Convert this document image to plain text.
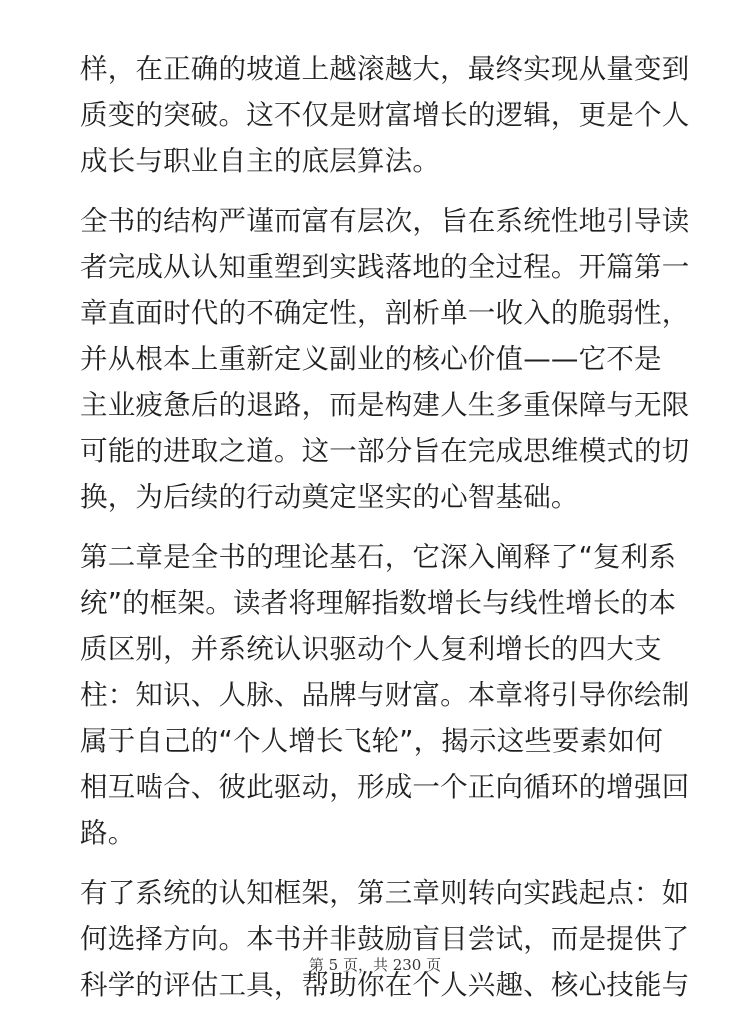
样，在正确的坡道上越滚越大，最终实现从量变到
质变的突破。这不仅是财富增长的逻辑，更是个人
成长与职业自主的底层算法。
全书的结构严谨而富有层次，旨在系统性地引导读
者完成从认知重塑到实践落地的全过程。开篇第一
章直面时代的不确定性，剖析单一收入的脆弱性，
并从根本上重新定义副业的核心价值——它不是
主业疲惫后的退路，而是构建人生多重保障与无限
可能的进取之道。这一部分旨在完成思维模式的切
换，为后续的行动奠定坚实的心智基础。
第二章是全书的理论基石，它深入阐释了“复利系
统”的框架。读者将理解指数增长与线性增长的本
质区别，并系统认识驱动个人复利增长的四大支
柱：知识、人脉、品牌与财富。本章将引导你绘制
属于自己的“个人增长飞轮”，揭示这些要素如何
相互啮合、彼此驱动，形成一个正向循环的增强回
路。
有了系统的认知框架，第三章则转向实践起点：如
何选择方向。本书并非鼓励盲目尝试，而是提供了
科学的评估工具，帮助你在个人兴趣、核心技能与
第 5 页，共 230 页
